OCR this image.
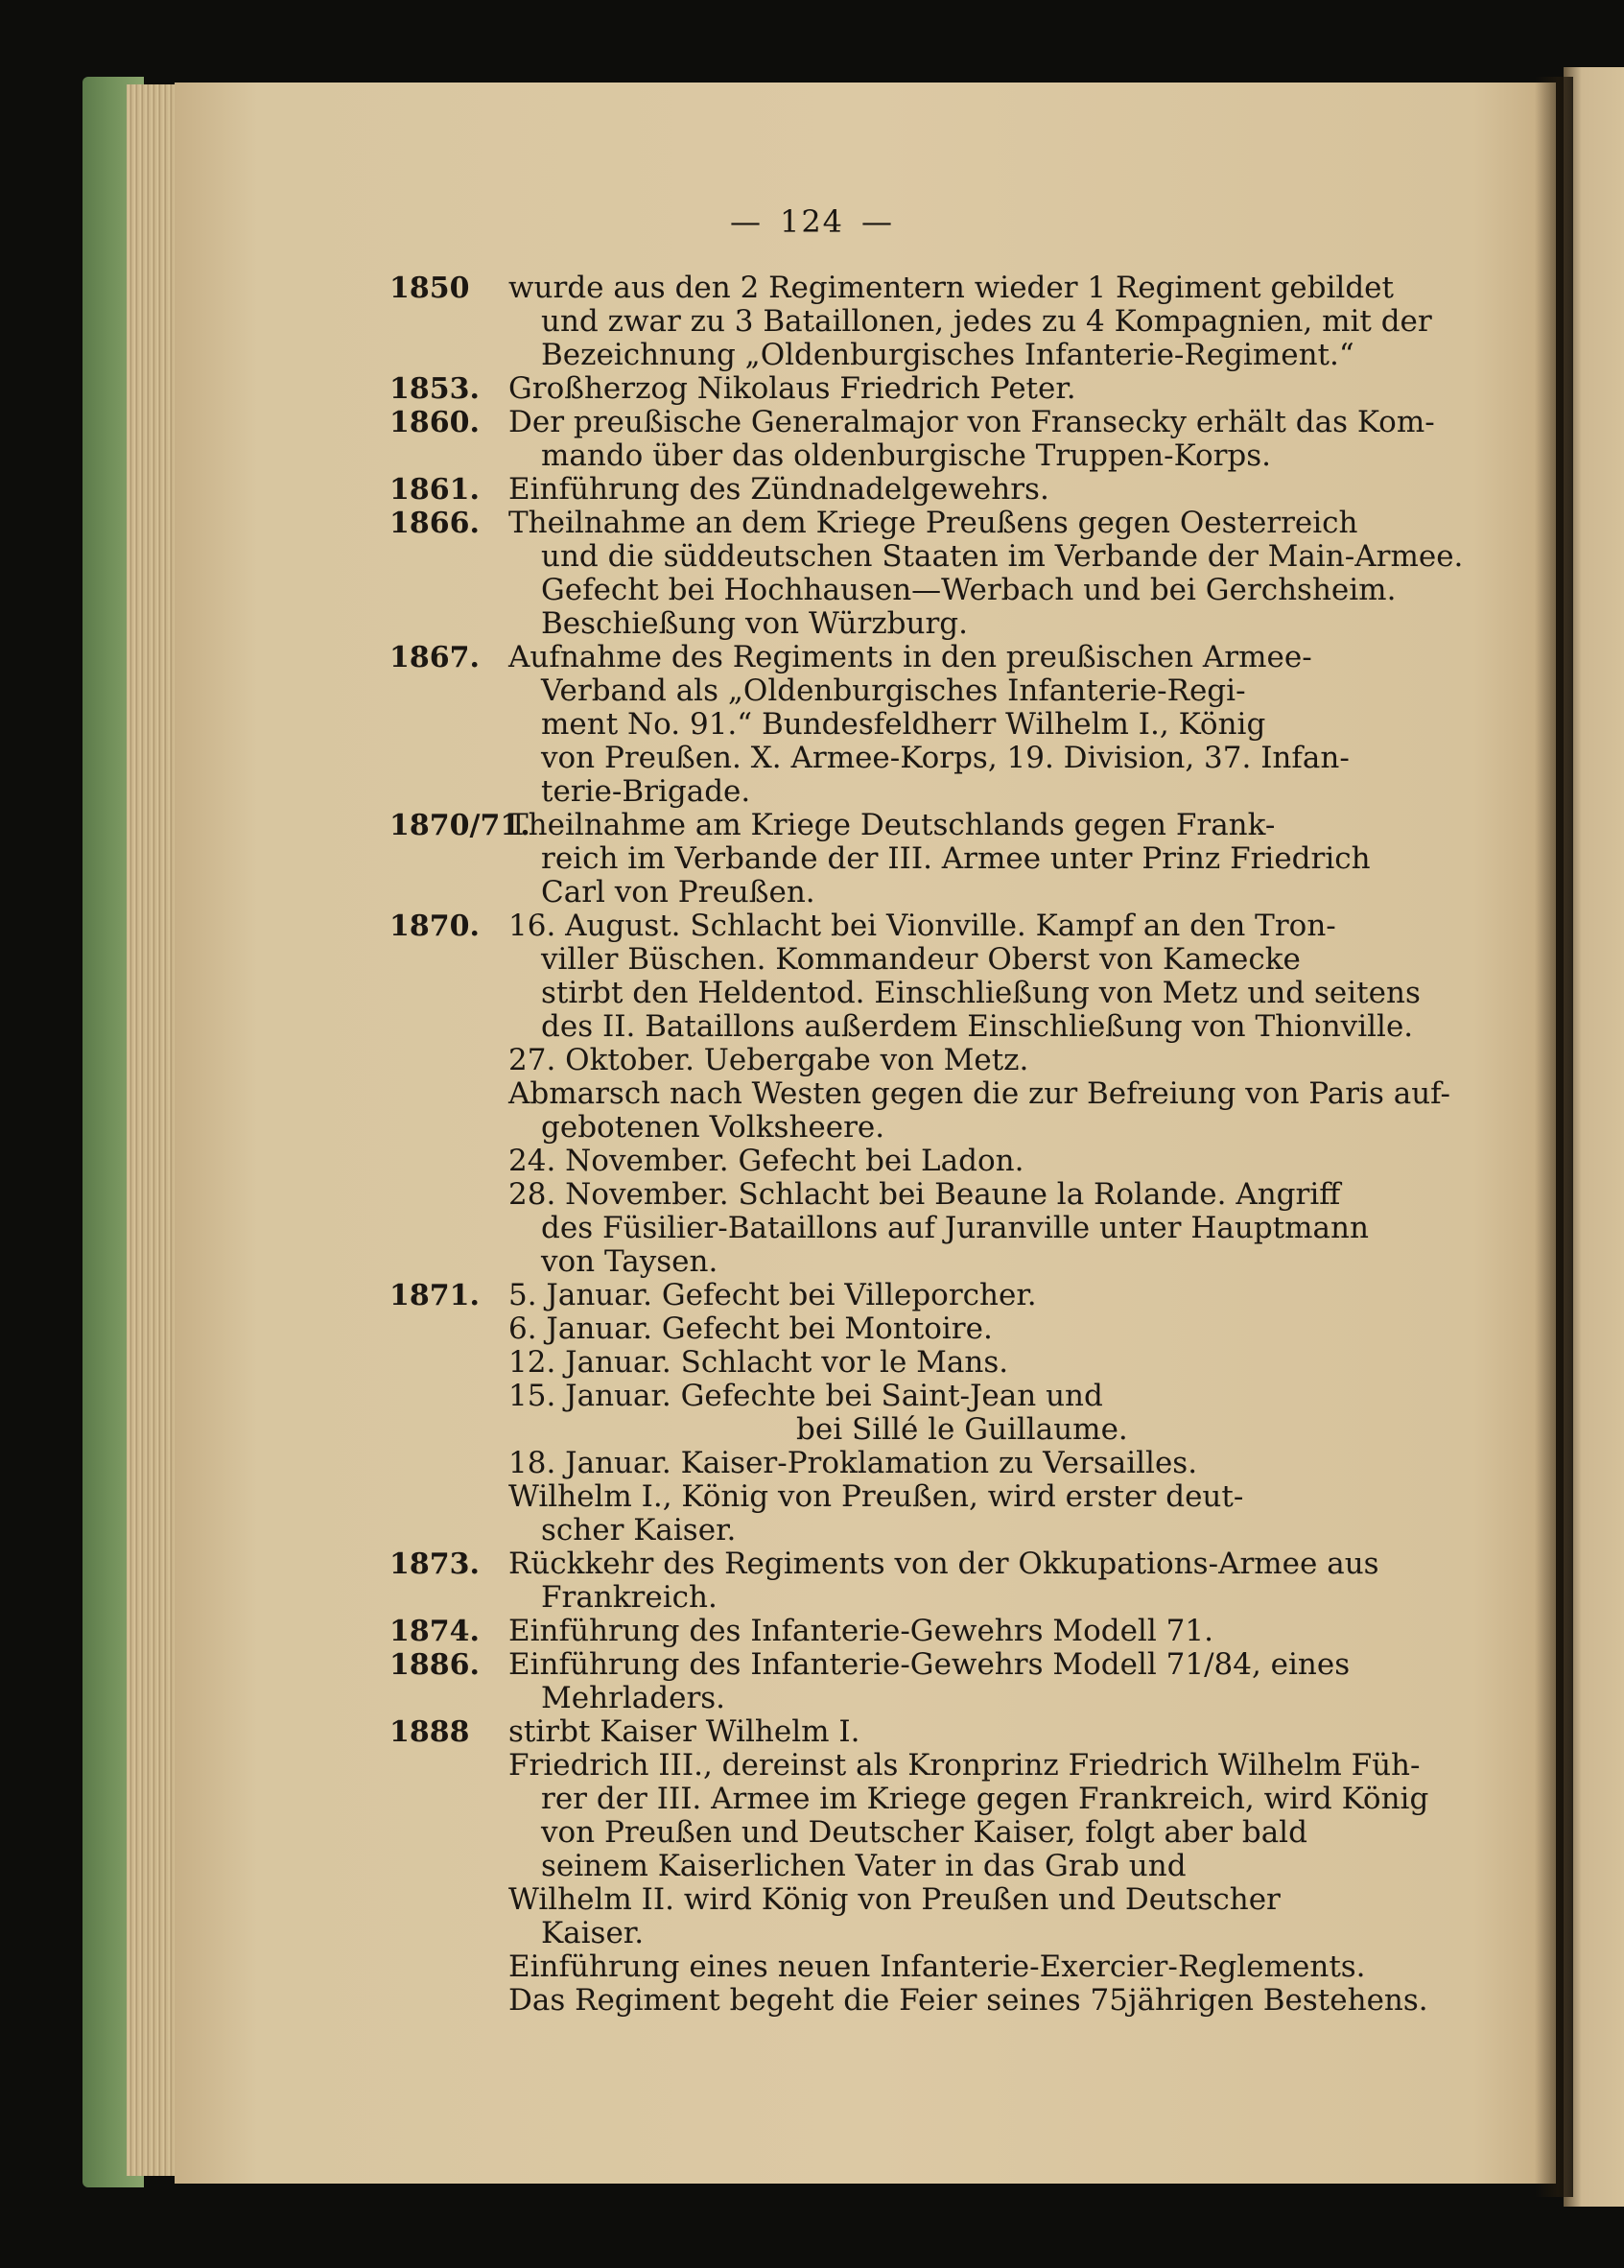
— 124 —
1850 wurde aus den 2 Regimentern wieder 1 Regiment gebildet
und zwar zu 3 Bataillonen, jedes zu 4 Kompagnien, mit der
Bezeichnung „Oldenburgisches Infanterie-Regiment.“
1853. Großherzog Nikolaus Friedrich Peter.
1860. Der preußische Generalmajor von Fransecky erhält das Kom-
mando über das oldenburgische Truppen-Korps.
1861. Einführung des Zündnadelgewehrs.
1866. Theilnahme an dem Kriege Preußens gegen Oesterreich
und die süddeutschen Staaten im Verbande der Main-Armee.
Gefecht bei Hochhausen—Werbach und bei Gerchsheim.
Beschießung von Würzburg.
1867. Aufnahme des Regiments in den preußischen Armee-
Verband als „Oldenburgisches Infanterie-Regi-
ment No. 91.“ Bundesfeldherr Wilhelm I., König
von Preußen. X. Armee-Korps, 19. Division, 37. Infan-
terie-Brigade.
1870/71.
Theilnahme am Kriege Deutschlands gegen Frank-
reich im Verbande der III. Armee unter Prinz Friedrich
Carl von Preußen.
1870. 16. August. Schlacht bei Vionville. Kampf an den Tron-
viller Büschen. Kommandeur Oberst von Kamecke
stirbt den Heldentod. Einschließung von Metz und seitens
des II. Bataillons außerdem Einschließung von Thionville.
27. Oktober. Uebergabe von Metz.
Abmarsch nach Westen gegen die zur Befreiung von Paris auf-
gebotenen Volksheere.
24. November. Gefecht bei Ladon.
28. November. Schlacht bei Beaune la Rolande. Angriff
des Füsilier-Bataillons auf Juranville unter Hauptmann
von Taysen.
1871. 5. Januar. Gefecht bei Villeporcher.
6. Januar. Gefecht bei Montoire.
12. Januar. Schlacht vor le Mans.
15. Januar. Gefechte bei Saint-Jean und
bei Sillé le Guillaume.
18. Januar. Kaiser-Proklamation zu Versailles.
Wilhelm I., König von Preußen, wird erster deut-
scher Kaiser.
1873. Rückkehr des Regiments von der Okkupations-Armee aus
Frankreich.
1874. Einführung des Infanterie-Gewehrs Modell 71.
1886. Einführung des Infanterie-Gewehrs Modell 71/84, eines
Mehrladers.
1888 stirbt Kaiser Wilhelm I.
Friedrich III., dereinst als Kronprinz Friedrich Wilhelm Füh-
rer der III. Armee im Kriege gegen Frankreich, wird König
von Preußen und Deutscher Kaiser, folgt aber bald
seinem Kaiserlichen Vater in das Grab und
Wilhelm II. wird König von Preußen und Deutscher
Kaiser.
Einführung eines neuen Infanterie-Exercier-Reglements.
Das Regiment begeht die Feier seines 75jährigen Bestehens.
